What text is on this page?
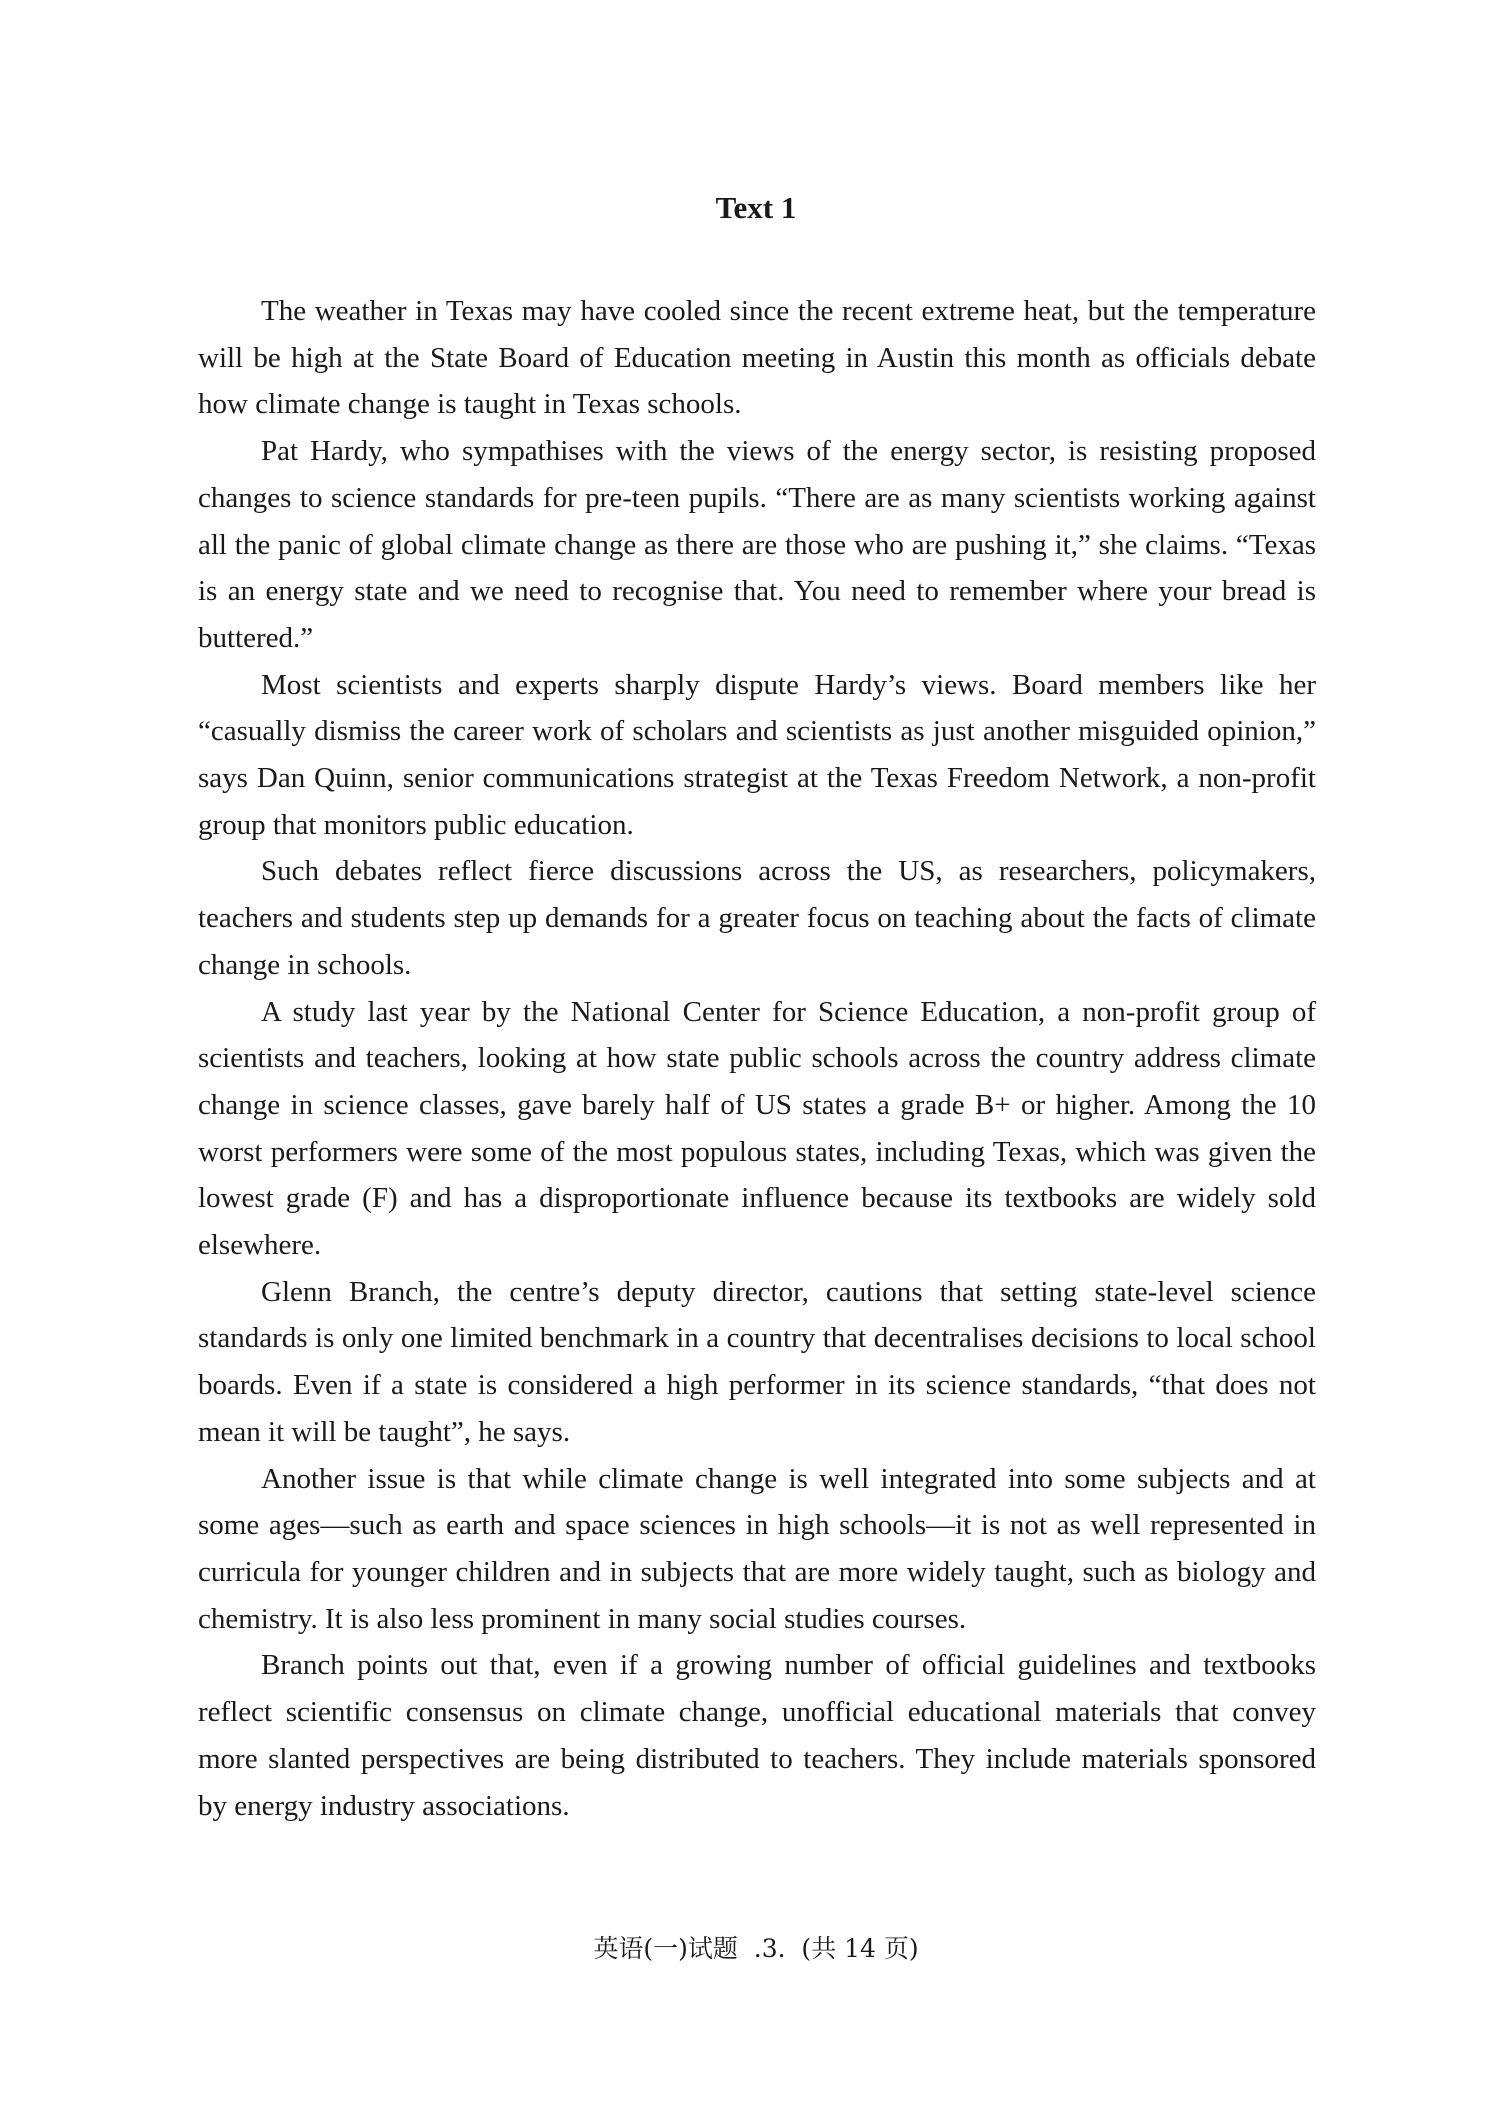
Text 1

The weather in Texas may have cooled since the recent extreme heat, but the temperature will be high at the State Board of Education meeting in Austin this month as officials debate how climate change is taught in Texas schools.

Pat Hardy, who sympathises with the views of the energy sector, is resisting proposed changes to science standards for pre-teen pupils. “There are as many scientists working against all the panic of global climate change as there are those who are pushing it,” she claims. “Texas is an energy state and we need to recognise that. You need to remember where your bread is buttered.”

Most scientists and experts sharply dispute Hardy’s views. Board members like her “casually dismiss the career work of scholars and scientists as just another misguided opinion,” says Dan Quinn, senior communications strategist at the Texas Freedom Network, a non-profit group that monitors public education.

Such debates reflect fierce discussions across the US, as researchers, policymakers, teachers and students step up demands for a greater focus on teaching about the facts of climate change in schools.

A study last year by the National Center for Science Education, a non-profit group of scientists and teachers, looking at how state public schools across the country address climate change in science classes, gave barely half of US states a grade B+ or higher. Among the 10 worst performers were some of the most populous states, including Texas, which was given the lowest grade (F) and has a disproportionate influence because its textbooks are widely sold elsewhere.

Glenn Branch, the centre’s deputy director, cautions that setting state-level science standards is only one limited benchmark in a country that decentralises decisions to local school boards. Even if a state is considered a high performer in its science standards, “that does not mean it will be taught”, he says.

Another issue is that while climate change is well integrated into some subjects and at some ages—such as earth and space sciences in high schools—it is not as well represented in curricula for younger children and in subjects that are more widely taught, such as biology and chemistry. It is also less prominent in many social studies courses.

Branch points out that, even if a growing number of official guidelines and textbooks reflect scientific consensus on climate change, unofficial educational materials that convey more slanted perspectives are being distributed to teachers. They include materials sponsored by energy industry associations.

英语(一)试题  .3.  (共 14 页)
